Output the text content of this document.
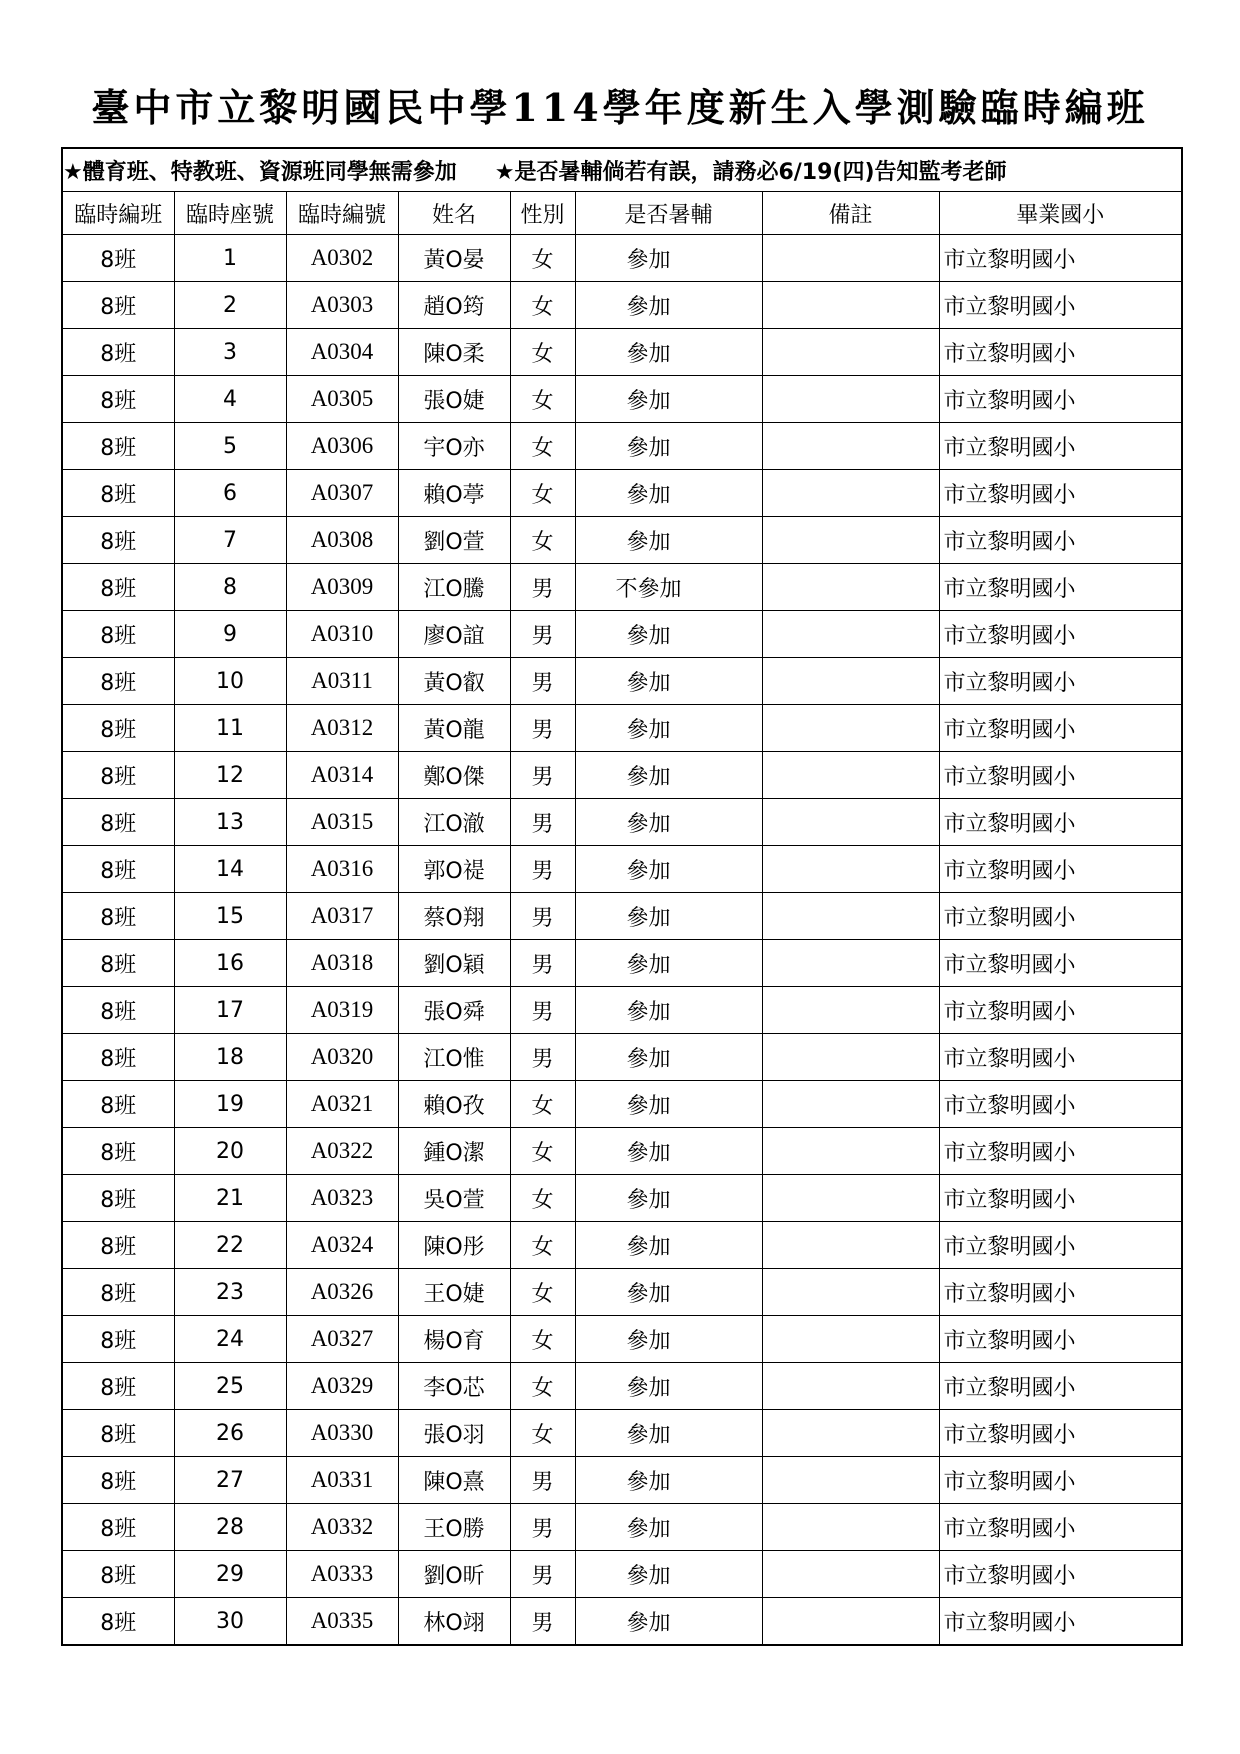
臺中市立黎明國民中學114學年度新生入學測驗臨時編班
★體育班、特教班、資源班同學無需參加 ★是否暑輔倘若有誤，請務必6/19(四)告知監考老師							
臨時編班	臨時座號	臨時編號	姓名	性別	是否暑輔	備註	畢業國小
8班	1	A0302	黃O晏	女	參加		市立黎明國小
8班	2	A0303	趙O筠	女	參加		市立黎明國小
8班	3	A0304	陳O柔	女	參加		市立黎明國小
8班	4	A0305	張O婕	女	參加		市立黎明國小
8班	5	A0306	宇O亦	女	參加		市立黎明國小
8班	6	A0307	賴O葶	女	參加		市立黎明國小
8班	7	A0308	劉O萱	女	參加		市立黎明國小
8班	8	A0309	江O騰	男	不參加		市立黎明國小
8班	9	A0310	廖O誼	男	參加		市立黎明國小
8班	10	A0311	黃O叡	男	參加		市立黎明國小
8班	11	A0312	黃O龍	男	參加		市立黎明國小
8班	12	A0314	鄭O傑	男	參加		市立黎明國小
8班	13	A0315	江O澈	男	參加		市立黎明國小
8班	14	A0316	郭O禔	男	參加		市立黎明國小
8班	15	A0317	蔡O翔	男	參加		市立黎明國小
8班	16	A0318	劉O穎	男	參加		市立黎明國小
8班	17	A0319	張O舜	男	參加		市立黎明國小
8班	18	A0320	江O惟	男	參加		市立黎明國小
8班	19	A0321	賴O孜	女	參加		市立黎明國小
8班	20	A0322	鍾O潔	女	參加		市立黎明國小
8班	21	A0323	吳O萱	女	參加		市立黎明國小
8班	22	A0324	陳O彤	女	參加		市立黎明國小
8班	23	A0326	王O婕	女	參加		市立黎明國小
8班	24	A0327	楊O育	女	參加		市立黎明國小
8班	25	A0329	李O芯	女	參加		市立黎明國小
8班	26	A0330	張O羽	女	參加		市立黎明國小
8班	27	A0331	陳O熹	男	參加		市立黎明國小
8班	28	A0332	王O勝	男	參加		市立黎明國小
8班	29	A0333	劉O昕	男	參加		市立黎明國小
8班	30	A0335	林O翊	男	參加		市立黎明國小
